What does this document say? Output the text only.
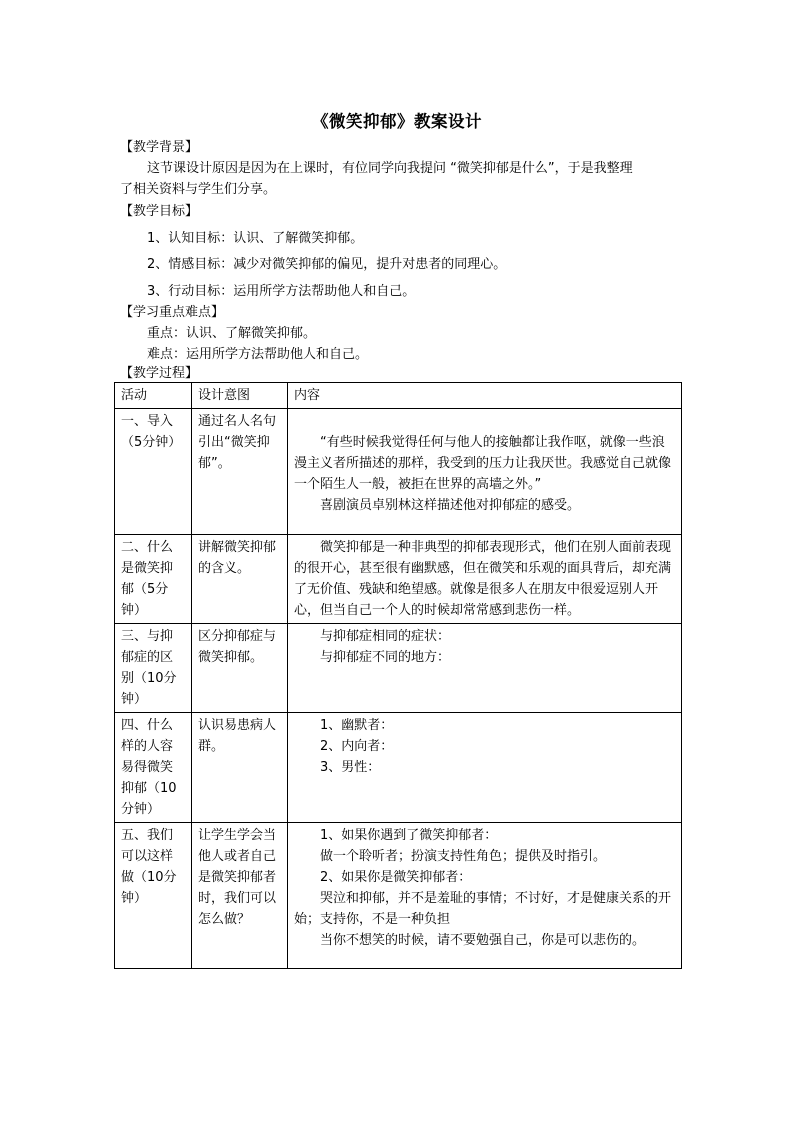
《微笑抑郁》教案设计
【教学背景】
这节课设计原因是因为在上课时，有位同学向我提问 “微笑抑郁是什么”，于是我整理
了相关资料与学生们分享。
【教学目标】
1、认知目标：认识、了解微笑抑郁。
2、情感目标：减少对微笑抑郁的偏见，提升对患者的同理心。
3、行动目标：运用所学方法帮助他人和自己。
【学习重点难点】
重点：认识、了解微笑抑郁。
难点：运用所学方法帮助他人和自己。
【教学过程】
活动	设计意图	内容
一、导入（5分钟）	通过名人名句引出“微笑抑郁”。	“有些时候我觉得任何与他人的接触都让我作呕，就像一些浪漫主义者所描述的那样，我受到的压力让我厌世。我感觉自己就像一个陌生人一般，被拒在世界的高墙之外。”

喜剧演员卓别林这样描述他对抑郁症的感受。

二、什么是微笑抑郁（5分钟）	讲解微笑抑郁的含义。	微笑抑郁是一种非典型的抑郁表现形式，他们在别人面前表现的很开心，甚至很有幽默感，但在微笑和乐观的面具背后，却充满了无价值、残缺和绝望感。就像是很多人在朋友中很爱逗别人开心，但当自己一个人的时候却常常感到悲伤一样。

三、与抑郁症的区别（10分钟）	区分抑郁症与微笑抑郁。	与抑郁症相同的症状：

与抑郁症不同的地方：

四、什么样的人容易得微笑抑郁（10分钟）	认识易患病人群。	1、幽默者：

2、内向者：

3、男性：

五、我们可以这样做（10分钟）	让学生学会当他人或者自己是微笑抑郁者时，我们可以怎么做？	1、如果你遇到了微笑抑郁者：

做一个聆听者；扮演支持性角色；提供及时指引。

2、如果你是微笑抑郁者：

哭泣和抑郁，并不是羞耻的事情；不讨好，才是健康关系的开始；支持你，不是一种负担

当你不想笑的时候，请不要勉强自己，你是可以悲伤的。
